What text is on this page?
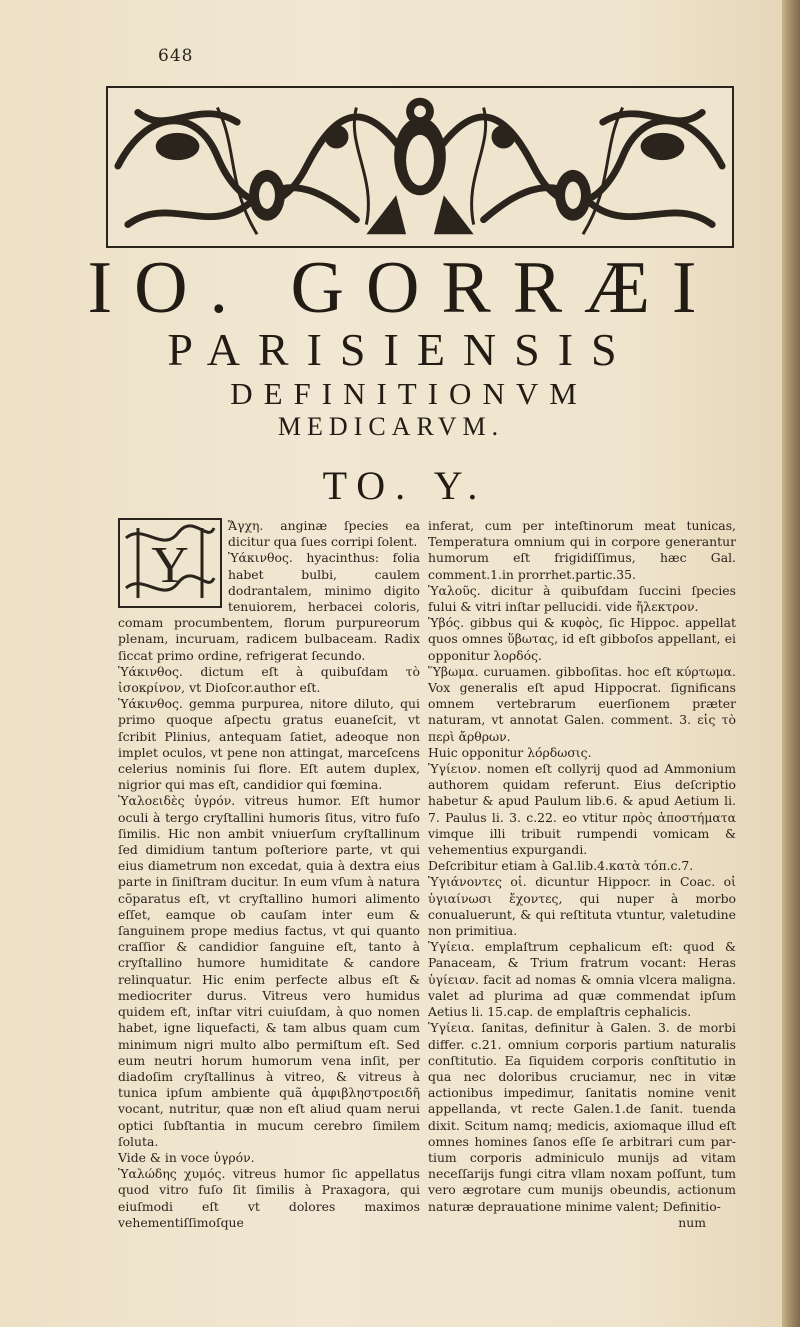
648
IO. GORRÆI
PARISIENSIS
DEFINITIONVM
MEDICARVM.
TO. Y.
Y

Ἄγχη. anginæ ſpecies ea dicitur qua ſues corripi ſolent.

Ὑάκινθος. hyacinthus: folia habet bulbi, caulem dodrantalem, minimo digito tenuiorem, herbacei coloris, comam procumbentem, florum purpureorum plenam, incuruam, radicem bulbaceam. Radix ſiccat primo ordine, refrigerat ſecundo.

Ὑάκινθος. dictum eſt à quibuſdam τὸ ἰσοκρίνον, vt Dioſcor.author eſt.

Ὑάκινθος. gemma purpurea, nitore diluto, qui primo quoque aſpectu gratus euaneſcit, vt ſcribit Plinius, antequam ſatiet, adeoque non implet oculos, vt pene non attingat, marceſcens celerius nominis ſui flore. Eſt autem duplex, nigrior qui mas eſt, candidior qui fœmina.

Ὑαλοειδὲς ὑγρόν. vitreus humor. Eſt humor oculi à tergo cryſtallini humoris ſitus, vitro fuſo ſimilis. Hic non ambit vniuerſum cryſtallinum ſed dimidium tantum poſteriore parte, vt qui eius diametrum non excedat, quia à dextra eius parte in ſiniſtram ducitur. In eum vſum à natura cõparatus eſt, vt cryſtallino humori alimento eſſet, eamque ob cauſam inter eum & ſanguinem prope medius factus, vt qui quanto craſſior & candidior ſanguine eſt, tanto à cryſtallino humore humiditate & candore relinquatur. Hic enim perfecte albus eſt & mediocriter durus. Vitreus vero humidus quidem eſt, inſtar vitri cuiuſdam, à quo nomen habet, igne liquefacti, & tam albus quam cum minimum nigri multo albo permiſtum eſt. Sed eum neutri horum humorum vena inſit, per diadoſim cryſtallinus à vitreo, & vitreus à tunica ipſum ambiente quã ἀμφιβληστροειδῆ vocant, nutritur, quæ non eſt aliud quam nerui optici ſubſtantia in mucum cerebro ſimilem ſoluta.

Vide & in voce ὑγρόν.

Ὑαλώδης χυμός. vitreus humor ſic appellatus quod vitro fuſo ſit ſimilis à Praxagora, qui eiuſmodi eſt vt dolores maximos vehementiſſimoſque

inferat, cum per inteſtinorum meat tunicas, Temperatura omnium qui in corpore generantur humorum eſt frigidiſſimus, hæc Gal. comment.1.in prorrhet.partic.35.

Ὑαλοῦς. dicitur à quibuſdam ſuccini ſpecies fului & vitri inſtar pellucidi. vide ἤλεκτρον.

Ὑβός. gibbus qui & κυφὸς, ſic Hippoc. appellat quos omnes ὕβωτας, id eſt gibboſos appellant, ei opponitur λορδός.

Ὕβωμα. curuamen. gibboſitas. hoc eſt κύρτωμα. Vox generalis eſt apud Hippocrat. ſignificans omnem vertebrarum euerſionem præter naturam, vt annotat Galen. comment. 3. εἰς τὸ περὶ ἄρθρων.

Huic opponitur λόρδωσις.

Ὑγίειον. nomen eſt collyrij quod ad Ammonium authorem quidam referunt. Eius deſcriptio habetur & apud Paulum lib.6. & apud Aetium li. 7. Paulus li. 3. c.22. eo vtitur πρὸς ἀποστήματα vimque illi tribuit rumpendi vomicam & vehementius expurgandi.

Deſcribitur etiam à Gal.lib.4.κατὰ τόπ.c.7.

Ὑγιάνοντες οἱ. dicuntur Hippocr. in Coac. οἱ ὑγιαίνωσι ἔχοντες, qui nuper à morbo conualuerunt, & qui reſtituta vtuntur, valetudine non primitiua.

Ὑγίεια. emplaſtrum cephalicum eſt: quod & Panaceam, & Trium fratrum vocant: Heras ὑγίειαν. facit ad nomas & omnia vlcera maligna. valet ad plurima ad quæ commendat ipſum Aetius li. 15.cap. de emplaſtris cephalicis.

Ὑγίεια. ſanitas, definitur à Galen. 3. de morbi differ. c.21. omnium corporis partium naturalis conſtitutio. Ea ſiquidem corporis conſtitutio in qua nec doloribus cruciamur, nec in vitæ actionibus impedimur, ſanitatis nomine venit appellanda, vt recte Galen.1.de ſanit. tuenda dixit. Scitum namq; medicis, axiomaque illud eſt omnes homines ſanos eſſe ſe arbitrari cum par- tium corporis adminiculo munijs ad vitam neceſſarijs fungi citra vllam noxam poſſunt, tum vero ægrotare cum munijs obeundis, actionum naturæ deprauatione minime valent; Definitio-

num
